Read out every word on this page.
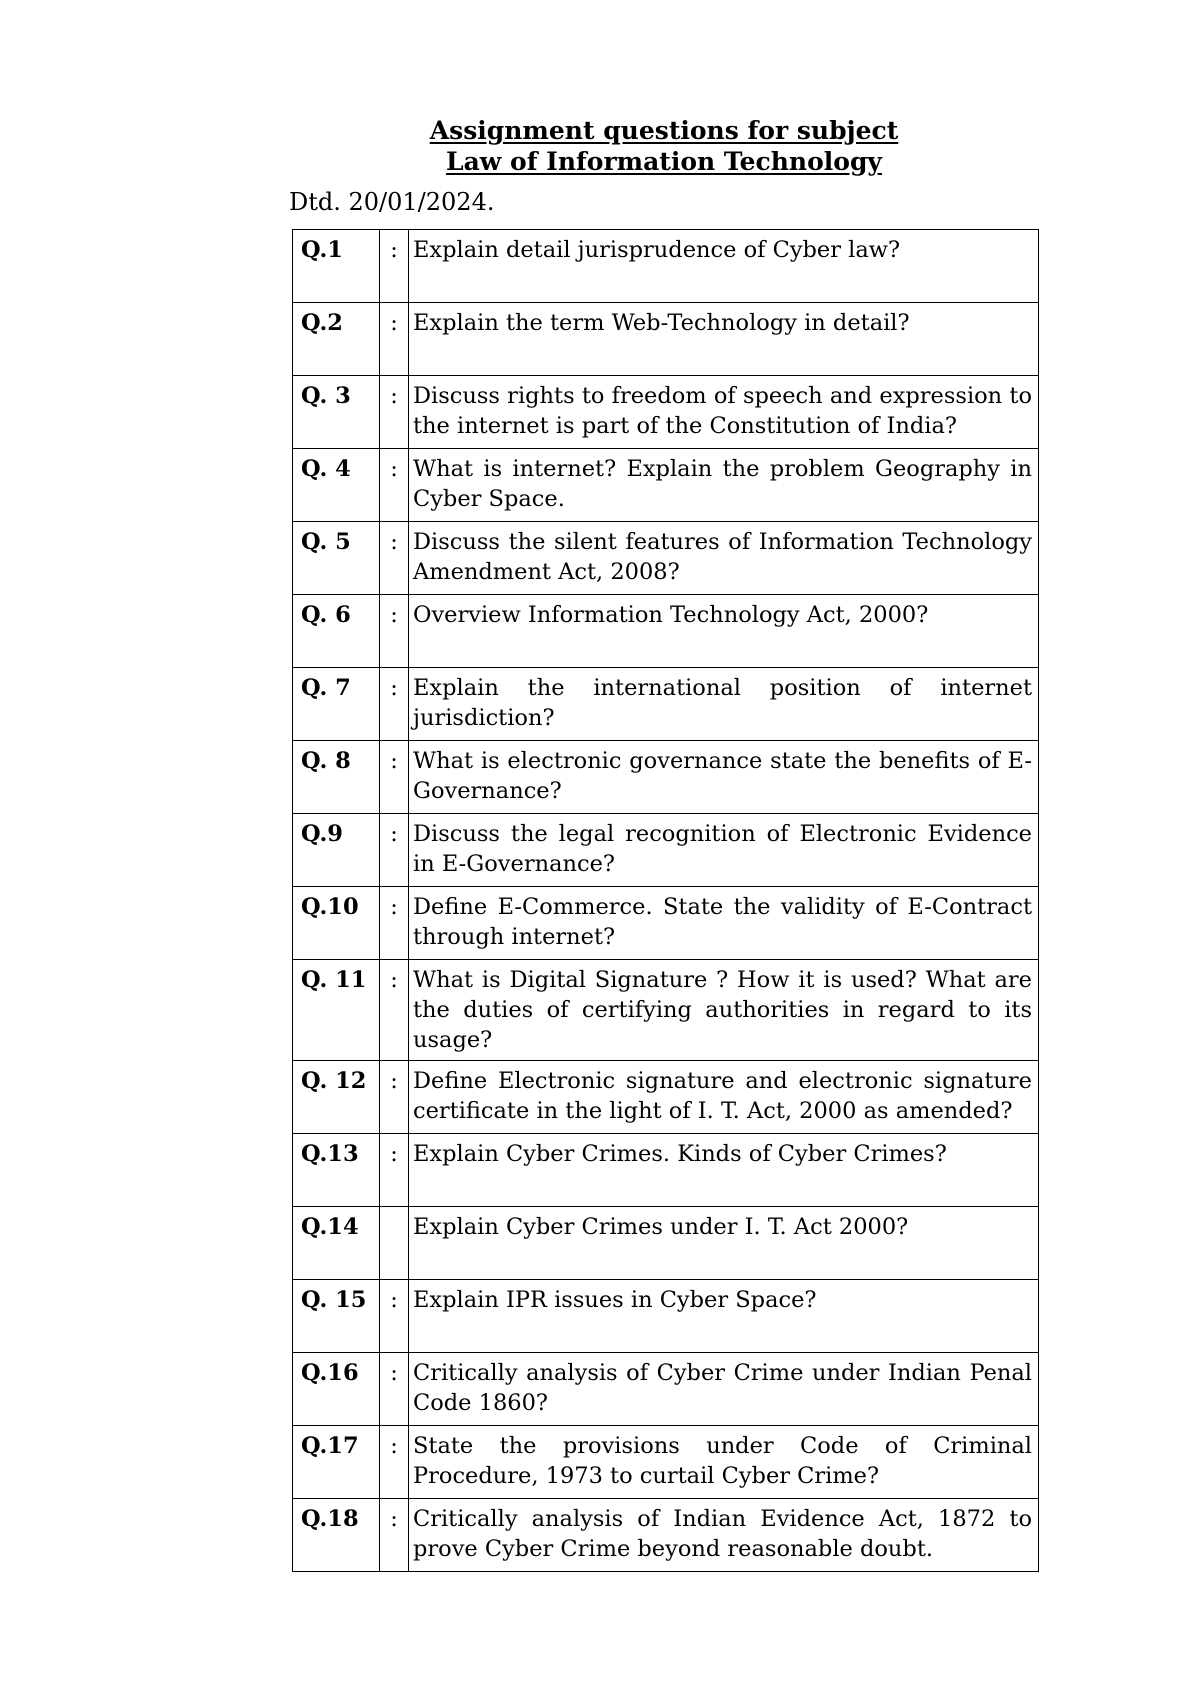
Assignment questions for subject
Law of Information Technology
Dtd. 20/01/2024.
Q.1	:	Explain detail jurisprudence of Cyber law?
Q.2	:	Explain the term Web-Technology in detail?
Q. 3	:	Discuss rights to freedom of speech and expression to the internet is part of the Constitution of India?
Q. 4	:	What is internet? Explain the problem Geography in Cyber Space.
Q. 5	:	Discuss the silent features of Information Technology Amendment Act, 2008?
Q. 6	:	Overview Information Technology Act, 2000?
Q. 7	:	Explain the international position of internet jurisdiction?
Q. 8	:	What is electronic governance state the benefits of E-Governance?
Q.9	:	Discuss the legal recognition of Electronic Evidence in E-Governance?
Q.10	:	Define E-Commerce. State the validity of E-Contract through internet?
Q. 11	:	What is Digital Signature ? How it is used? What are the duties of certifying authorities in regard to its usage?
Q. 12	:	Define Electronic signature and electronic signature certificate in the light of I. T. Act, 2000 as amended?
Q.13	:	Explain Cyber Crimes. Kinds of Cyber Crimes?
Q.14		Explain Cyber Crimes under I. T. Act 2000?
Q. 15	:	Explain IPR issues in Cyber Space?
Q.16	:	Critically analysis of Cyber Crime under Indian Penal Code 1860?
Q.17	:	State the provisions under Code of Criminal Procedure, 1973 to curtail Cyber Crime?
Q.18	:	Critically analysis of Indian Evidence Act, 1872 to prove Cyber Crime beyond reasonable doubt.
